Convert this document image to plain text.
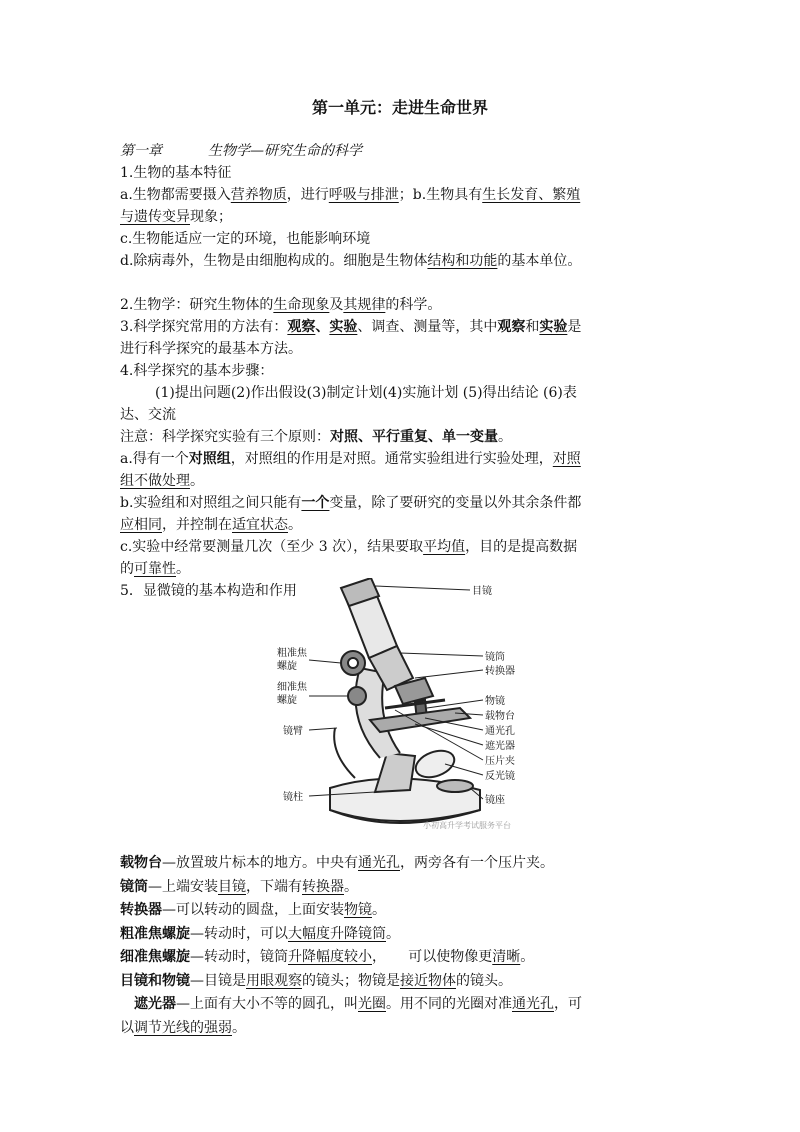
第一单元：走进生命世界

第一章	生物学—研究生命的科学

1.生物的基本特征

a.生物都需要摄入营养物质，进行呼吸与排泄；b.生物具有生长发育、繁殖
与遗传变异现象；

c.生物能适应一定的环境，也能影响环境

d.除病毒外，生物是由细胞构成的。细胞是生物体结构和功能的基本单位。

2.生物学：研究生物体的生命现象及其规律的科学。

3.科学探究常用的方法有：观察、实验、调查、测量等，其中观察和实验是
进行科学探究的最基本方法。

4.科学探究的基本步骤：

(1)提出问题(2)作出假设(3)制定计划(4)实施计划 (5)得出结论 (6)表

达、交流

注意：科学探究实验有三个原则：对照、平行重复、单一变量。

a.得有一个对照组，对照组的作用是对照。通常实验组进行实验处理，对照
组不做处理。

b.实验组和对照组之间只能有一个变量，除了要研究的变量以外其余条件都
应相同，并控制在适宜状态。

c.实验中经常要测量几次（至少 3 次），结果要取平均值，目的是提高数据
的可靠性。

5．显微镜的基本构造和作用	目镜
镜筒
转换器
物镜
载物台
通光孔
遮光器
压片夹
反光镜
镜座
粗准焦
螺旋
细准焦
螺旋
镜臂
镜柱
小初高升学考试服务平台

载物台—放置玻片标本的地方。中央有通光孔，两旁各有一个压片夹。

镜筒—上端安装目镜，下端有转换器。

转换器—可以转动的圆盘，上面安装物镜。

粗准焦螺旋—转动时，可以大幅度升降镜筒。

细准焦螺旋—转动时，镜筒升降幅度较小，     可以使物像更清晰。

目镜和物镜—目镜是用眼观察的镜头；物镜是接近物体的镜头。

遮光器—上面有大小不等的圆孔，叫光圈。用不同的光圈对准通光孔，可

以调节光线的强弱。
